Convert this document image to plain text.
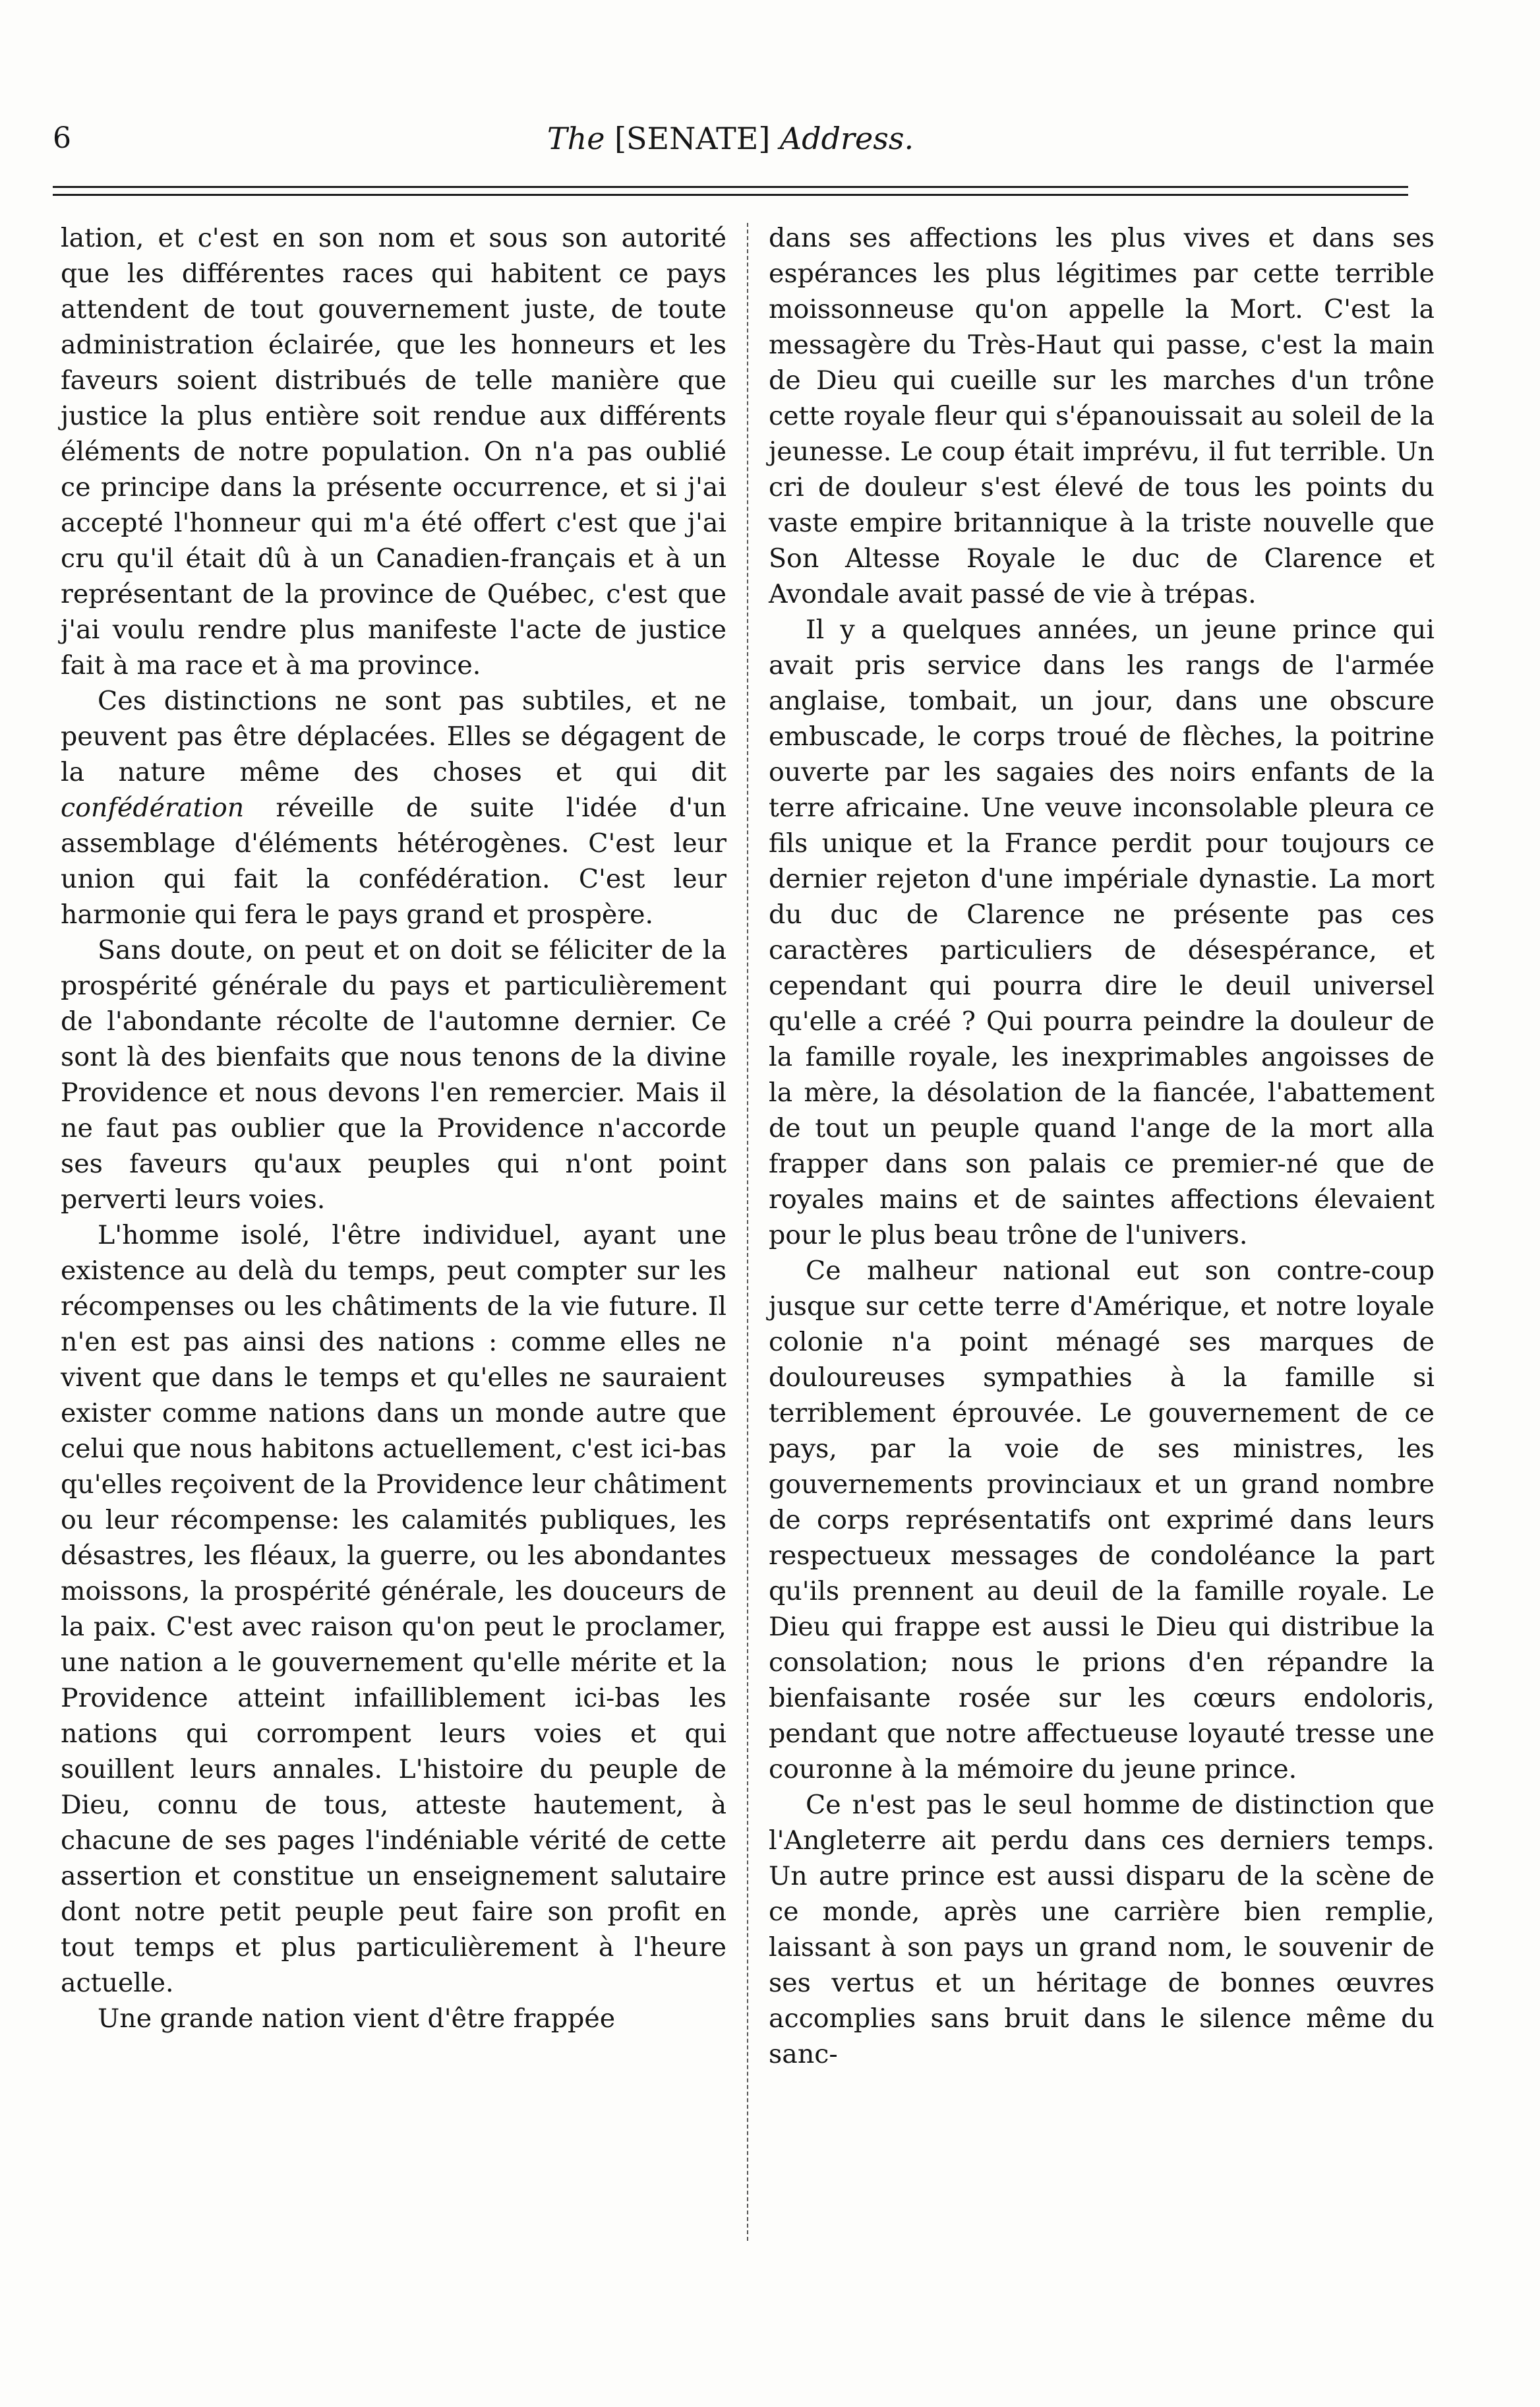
6	The [SENATE] Address.

lation, et c'est en son nom et sous son autorité que les différentes races qui habitent ce pays attendent de tout gouvernement juste, de toute administration éclairée, que les honneurs et les faveurs soient distribués de telle manière que justice la plus entière soit rendue aux différents éléments de notre population. On n'a pas oublié ce principe dans la présente occurrence, et si j'ai accepté l'honneur qui m'a été offert c'est que j'ai cru qu'il était dû à un Canadien-français et à un représentant de la province de Québec, c'est que j'ai voulu rendre plus manifeste l'acte de justice fait à ma race et à ma province.

Ces distinctions ne sont pas subtiles, et ne peuvent pas être déplacées. Elles se dégagent de la nature même des choses et qui dit confédération réveille de suite l'idée d'un assemblage d'éléments hétérogènes. C'est leur union qui fait la confédération. C'est leur harmonie qui fera le pays grand et prospère.

Sans doute, on peut et on doit se féliciter de la prospérité générale du pays et particulièrement de l'abondante récolte de l'automne dernier. Ce sont là des bienfaits que nous tenons de la divine Providence et nous devons l'en remercier. Mais il ne faut pas oublier que la Providence n'accorde ses faveurs qu'aux peuples qui n'ont point perverti leurs voies.

L'homme isolé, l'être individuel, ayant une existence au delà du temps, peut compter sur les récompenses ou les châtiments de la vie future. Il n'en est pas ainsi des nations : comme elles ne vivent que dans le temps et qu'elles ne sauraient exister comme nations dans un monde autre que celui que nous habitons actuellement, c'est ici-bas qu'elles reçoivent de la Providence leur châtiment ou leur récompense: les calamités publiques, les désastres, les fléaux, la guerre, ou les abondantes moissons, la prospérité générale, les douceurs de la paix. C'est avec raison qu'on peut le proclamer, une nation a le gouvernement qu'elle mérite et la Providence atteint infailliblement ici-bas les nations qui corrompent leurs voies et qui souillent leurs annales. L'histoire du peuple de Dieu, connu de tous, atteste hautement, à chacune de ses pages l'indéniable vérité de cette assertion et constitue un enseignement salutaire dont notre petit peuple peut faire son profit en tout temps et plus particulièrement à l'heure actuelle.

Une grande nation vient d'être frappée

dans ses affections les plus vives et dans ses espérances les plus légitimes par cette terrible moissonneuse qu'on appelle la Mort. C'est la messagère du Très-Haut qui passe, c'est la main de Dieu qui cueille sur les marches d'un trône cette royale fleur qui s'épanouissait au soleil de la jeunesse. Le coup était imprévu, il fut terrible. Un cri de douleur s'est élevé de tous les points du vaste empire britannique à la triste nouvelle que Son Altesse Royale le duc de Clarence et Avondale avait passé de vie à trépas.

Il y a quelques années, un jeune prince qui avait pris service dans les rangs de l'armée anglaise, tombait, un jour, dans une obscure embuscade, le corps troué de flèches, la poitrine ouverte par les sagaies des noirs enfants de la terre africaine. Une veuve inconsolable pleura ce fils unique et la France perdit pour toujours ce dernier rejeton d'une impériale dynastie. La mort du duc de Clarence ne présente pas ces caractères particuliers de désespérance, et cependant qui pourra dire le deuil universel qu'elle a créé ? Qui pourra peindre la douleur de la famille royale, les inexprimables angoisses de la mère, la désolation de la fiancée, l'abattement de tout un peuple quand l'ange de la mort alla frapper dans son palais ce premier-né que de royales mains et de saintes affections élevaient pour le plus beau trône de l'univers.

Ce malheur national eut son contre-coup jusque sur cette terre d'Amérique, et notre loyale colonie n'a point ménagé ses marques de douloureuses sympathies à la famille si terriblement éprouvée. Le gouvernement de ce pays, par la voie de ses ministres, les gouvernements provinciaux et un grand nombre de corps représentatifs ont exprimé dans leurs respectueux messages de condoléance la part qu'ils prennent au deuil de la famille royale. Le Dieu qui frappe est aussi le Dieu qui distribue la consolation; nous le prions d'en répandre la bienfaisante rosée sur les cœurs endoloris, pendant que notre affectueuse loyauté tresse une couronne à la mémoire du jeune prince.

Ce n'est pas le seul homme de distinction que l'Angleterre ait perdu dans ces derniers temps. Un autre prince est aussi disparu de la scène de ce monde, après une carrière bien remplie, laissant à son pays un grand nom, le souvenir de ses vertus et un héritage de bonnes œuvres accomplies sans bruit dans le silence même du sanc-
